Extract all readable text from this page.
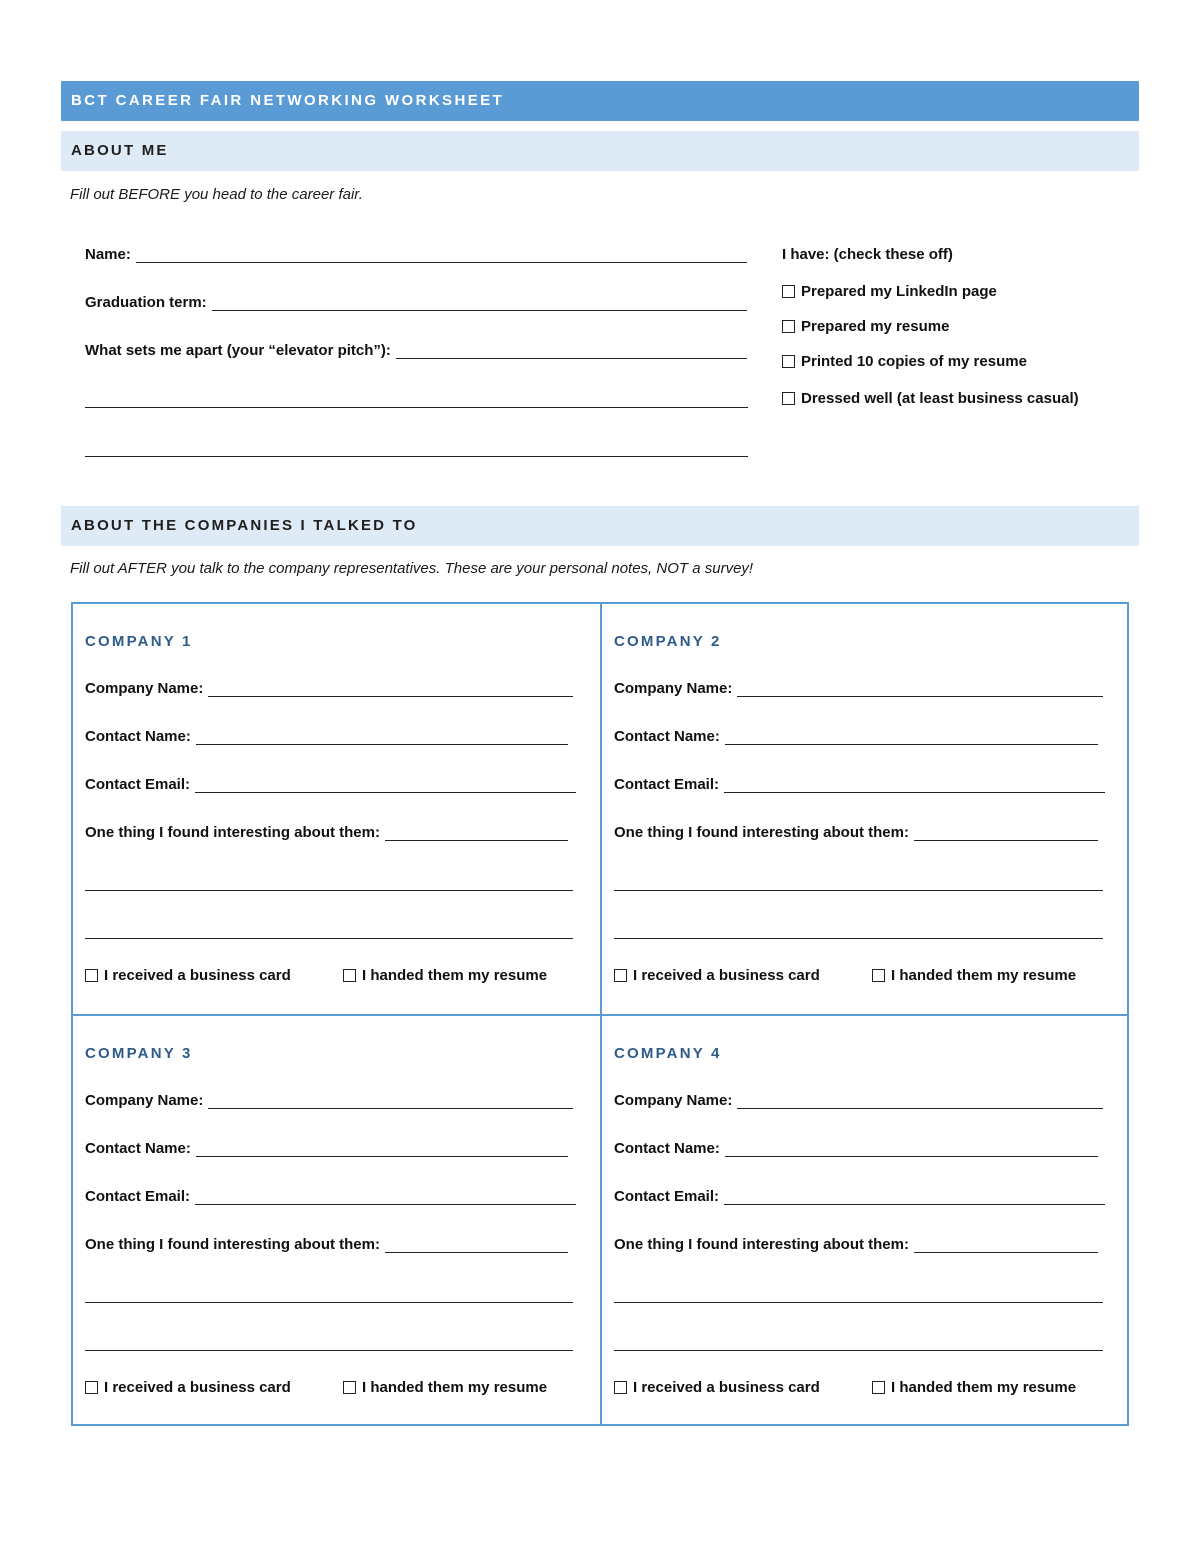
BCT CAREER FAIR NETWORKING WORKSHEET
ABOUT ME
Fill out BEFORE you head to the career fair.
Name:
Graduation term:
What sets me apart (your “elevator pitch”):
I have: (check these off)
Prepared my LinkedIn page
Prepared my resume
Printed 10 copies of my resume
Dressed well (at least business casual)
ABOUT THE COMPANIES I TALKED TO
Fill out AFTER you talk to the company representatives. These are your personal notes, NOT a survey!
COMPANY 1
Company Name:
Contact Name:
Contact Email:
One thing I found interesting about them:
I received a business card	I handed them my resume
COMPANY 2
Company Name:
Contact Name:
Contact Email:
One thing I found interesting about them:
I received a business card	I handed them my resume
COMPANY 3
Company Name:
Contact Name:
Contact Email:
One thing I found interesting about them:
I received a business card	I handed them my resume
COMPANY 4
Company Name:
Contact Name:
Contact Email:
One thing I found interesting about them:
I received a business card	I handed them my resume
